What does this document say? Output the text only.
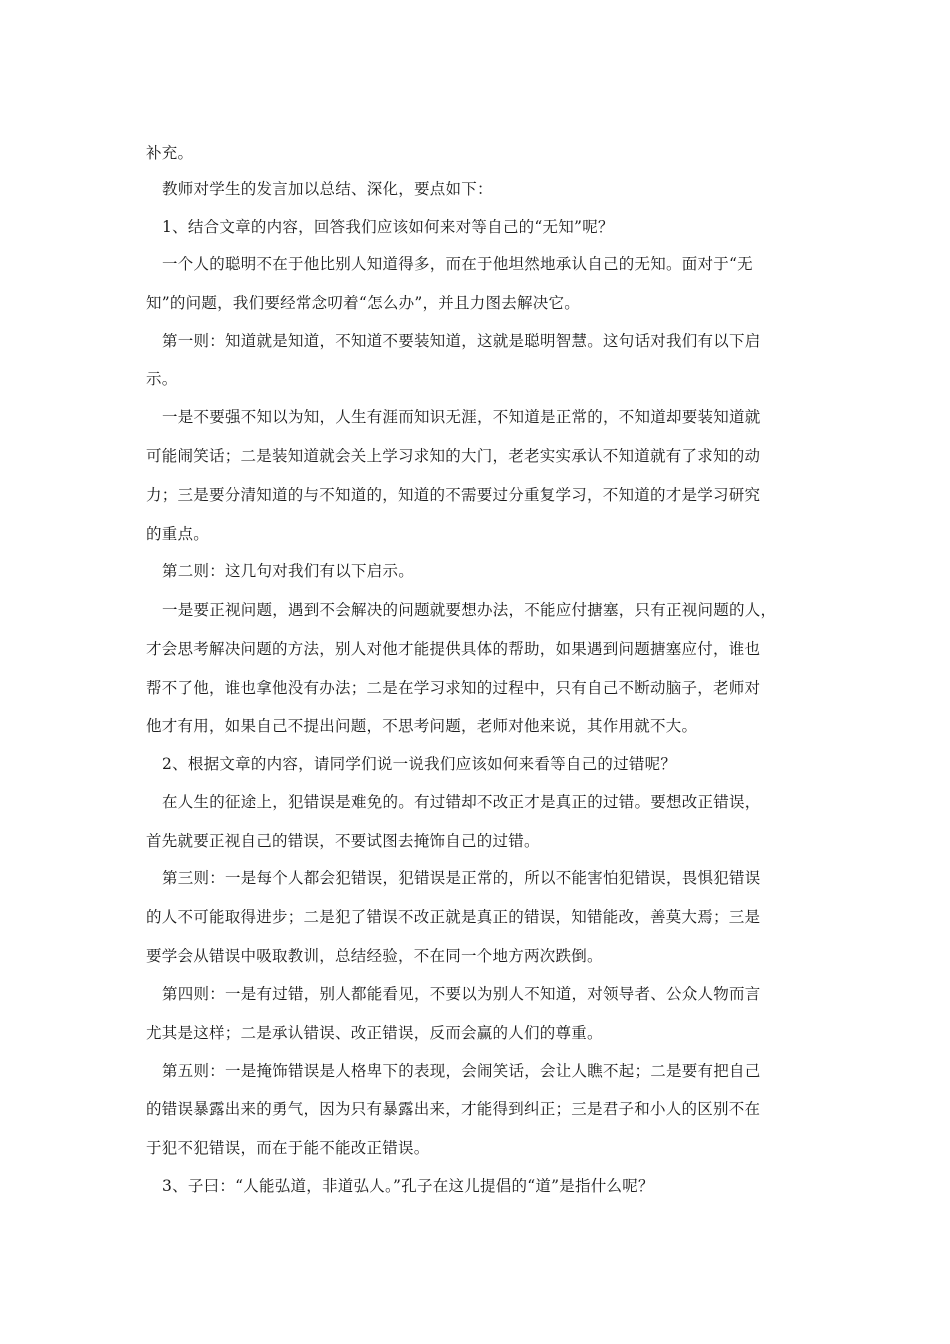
补充。

教师对学生的发言加以总结、深化，要点如下：

1、结合文章的内容，回答我们应该如何来对等自己的“无知”呢？

一个人的聪明不在于他比别人知道得多，而在于他坦然地承认自己的无知。面对于“无

知”的问题，我们要经常念叨着“怎么办”，并且力图去解决它。

第一则：知道就是知道，不知道不要装知道，这就是聪明智慧。这句话对我们有以下启

示。

一是不要强不知以为知，人生有涯而知识无涯，不知道是正常的，不知道却要装知道就

可能闹笑话；二是装知道就会关上学习求知的大门，老老实实承认不知道就有了求知的动

力；三是要分清知道的与不知道的，知道的不需要过分重复学习，不知道的才是学习研究

的重点。

第二则：这几句对我们有以下启示。

一是要正视问题，遇到不会解决的问题就要想办法，不能应付搪塞，只有正视问题的人，

才会思考解决问题的方法，别人对他才能提供具体的帮助，如果遇到问题搪塞应付，谁也

帮不了他，谁也拿他没有办法；二是在学习求知的过程中，只有自己不断动脑子，老师对

他才有用，如果自己不提出问题，不思考问题，老师对他来说，其作用就不大。

2、根据文章的内容，请同学们说一说我们应该如何来看等自己的过错呢？

在人生的征途上，犯错误是难免的。有过错却不改正才是真正的过错。要想改正错误，

首先就要正视自己的错误，不要试图去掩饰自己的过错。

第三则：一是每个人都会犯错误，犯错误是正常的，所以不能害怕犯错误，畏惧犯错误

的人不可能取得进步；二是犯了错误不改正就是真正的错误，知错能改，善莫大焉；三是

要学会从错误中吸取教训，总结经验，不在同一个地方两次跌倒。

第四则：一是有过错，别人都能看见，不要以为别人不知道，对领导者、公众人物而言

尤其是这样；二是承认错误、改正错误，反而会赢的人们的尊重。

第五则：一是掩饰错误是人格卑下的表现，会闹笑话，会让人瞧不起；二是要有把自己

的错误暴露出来的勇气，因为只有暴露出来，才能得到纠正；三是君子和小人的区别不在

于犯不犯错误，而在于能不能改正错误。

3、子曰：“人能弘道，非道弘人。”孔子在这儿提倡的“道”是指什么呢？
